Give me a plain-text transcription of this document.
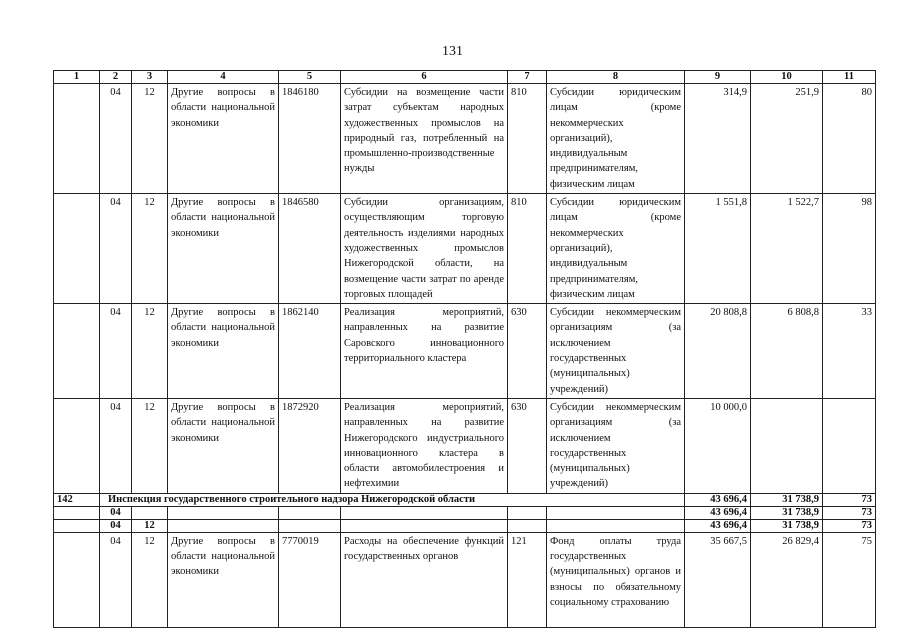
131
1	2	3	4	5	6	7	8	9	10	11
	04	12	Другие вопросы в области национальной экономики	1846180	Субсидии на возмещение части затрат субъектам народных художественных промыслов на природный газ, потребленный на промышленно-производственные нужды	810	Субсидии юридическим лицам (кроме некоммерческих организаций), индивидуальным предпринимателям, физическим лицам	314,9	251,9	80
	04	12	Другие вопросы в области национальной экономики	1846580	Субсидии организациям, осуществляющим торговую деятельность изделиями народных художественных промыслов Нижегородской области, на возмещение части затрат по аренде торговых площадей	810	Субсидии юридическим лицам (кроме некоммерческих организаций), индивидуальным предпринимателям, физическим лицам	1 551,8	1 522,7	98
	04	12	Другие вопросы в области национальной экономики	1862140	Реализация мероприятий, направленных на развитие Саровского инновационного территориального кластера	630	Субсидии некоммерческим организациям (за исключением государственных (муниципальных) учреждений)	20 808,8	6 808,8	33
	04	12	Другие вопросы в области национальной экономики	1872920	Реализация мероприятий, направленных на развитие Нижегородского индустриального инновационного кластера в области автомобилестроения и нефтехимии	630	Субсидии некоммерческим организациям (за исключением государственных (муниципальных) учреждений)	10 000,0		
142	Инспекция государственного строительного надзора Нижегородской области							43 696,4	31 738,9	73
	04							43 696,4	31 738,9	73
	04	12						43 696,4	31 738,9	73
	04	12	Другие вопросы в области национальной экономики	7770019	Расходы на обеспечение функций государственных органов	121	Фонд оплаты труда государственных (муниципальных) органов и взносы по обязательному социальному страхованию	35 667,5	26 829,4	75
